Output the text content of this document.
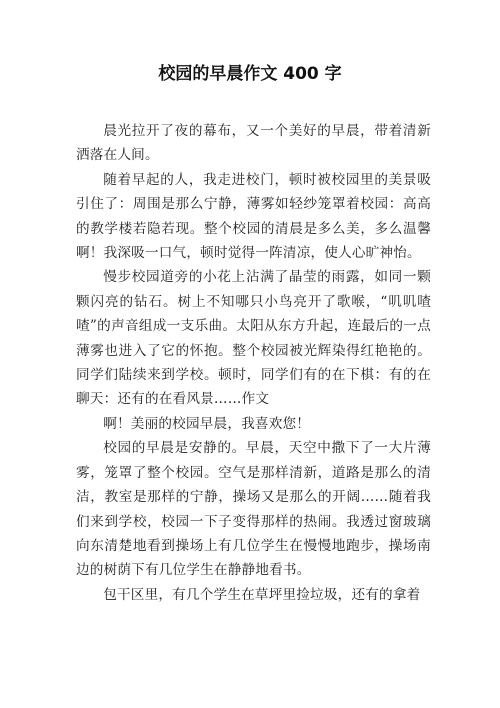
校园的早晨作文 400 字

晨光拉开了夜的幕布，又一个美好的早晨，带着清新洒落在人间。

随着早起的人，我走进校门，顿时被校园里的美景吸引住了：周围是那么宁静，薄雾如轻纱笼罩着校园：高高的教学楼若隐若现。整个校园的清晨是多么美，多么温馨啊！我深吸一口气，顿时觉得一阵清凉，使人心旷神怡。

慢步校园道旁的小花上沾满了晶莹的雨露，如同一颗颗闪亮的钻石。树上不知哪只小鸟亮开了歌喉，“叽叽喳喳”的声音组成一支乐曲。太阳从东方升起，连最后的一点薄雾也进入了它的怀抱。整个校园被光辉染得红艳艳的。同学们陆续来到学校。顿时，同学们有的在下棋：有的在聊天：还有的在看风景……作文

啊！美丽的校园早晨，我喜欢您！

校园的早晨是安静的。早晨，天空中撒下了一大片薄雾，笼罩了整个校园。空气是那样清新，道路是那么的清洁，教室是那样的宁静，操场又是那么的开阔……随着我们来到学校，校园一下子变得那样的热闹。我透过窗玻璃向东清楚地看到操场上有几位学生在慢慢地跑步，操场南边的树荫下有几位学生在静静地看书。

包干区里，有几个学生在草坪里捡垃圾，还有的拿着
